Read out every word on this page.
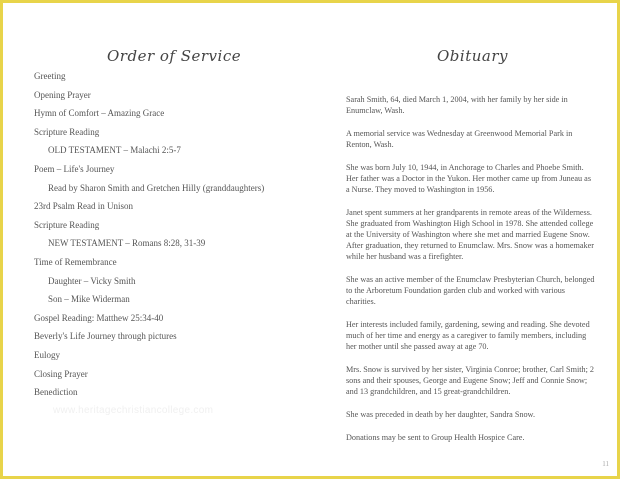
Order of Service	Obituary
Greeting
Opening Prayer
Hymn of Comfort – Amazing Grace
Scripture Reading
OLD TESTAMENT – Malachi 2:5-7
Poem – Life's Journey
Read by Sharon Smith and Gretchen Hilly (granddaughters)
23rd Psalm Read in Unison
Scripture Reading
NEW TESTAMENT – Romans 8:28, 31-39
Time of Remembrance
Daughter – Vicky Smith
Son – Mike Widerman
Gospel Reading: Matthew 25:34-40
Beverly's Life Journey through pictures
Eulogy
Closing Prayer
Benediction

Sarah Smith, 64, died March 1, 2004, with her family by her side in Enumclaw, Wash.

A memorial service was Wednesday at Greenwood Memorial Park in Renton, Wash.

She was born July 10, 1944, in Anchorage to Charles and Phoebe Smith. Her father was a Doctor in the Yukon. Her mother came up from Juneau as a Nurse. They moved to Washington in 1956.

Janet spent summers at her grandparents in remote areas of the Wilderness. She graduated from Washington High School in 1978. She attended college at the University of Washington where she met and married Eugene Snow. After graduation, they returned to Enumclaw. Mrs. Snow was a homemaker while her husband was a firefighter.

She was an active member of the Enumclaw Presbyterian Church, belonged to the Arboretum Foundation garden club and worked with various charities.

Her interests included family, gardening, sewing and reading. She devoted much of her time and energy as a caregiver to family members, including her mother until she passed away at age 70.

Mrs. Snow is survived by her sister, Virginia Conroe; brother, Carl Smith; 2 sons and their spouses, George and Eugene Snow; Jeff and Connie Snow; and 13 grandchildren, and 15 great-grandchildren.

She was preceded in death by her daughter, Sandra Snow.

Donations may be sent to Group Health Hospice Care.

www.heritagechristiancollege.com
11
